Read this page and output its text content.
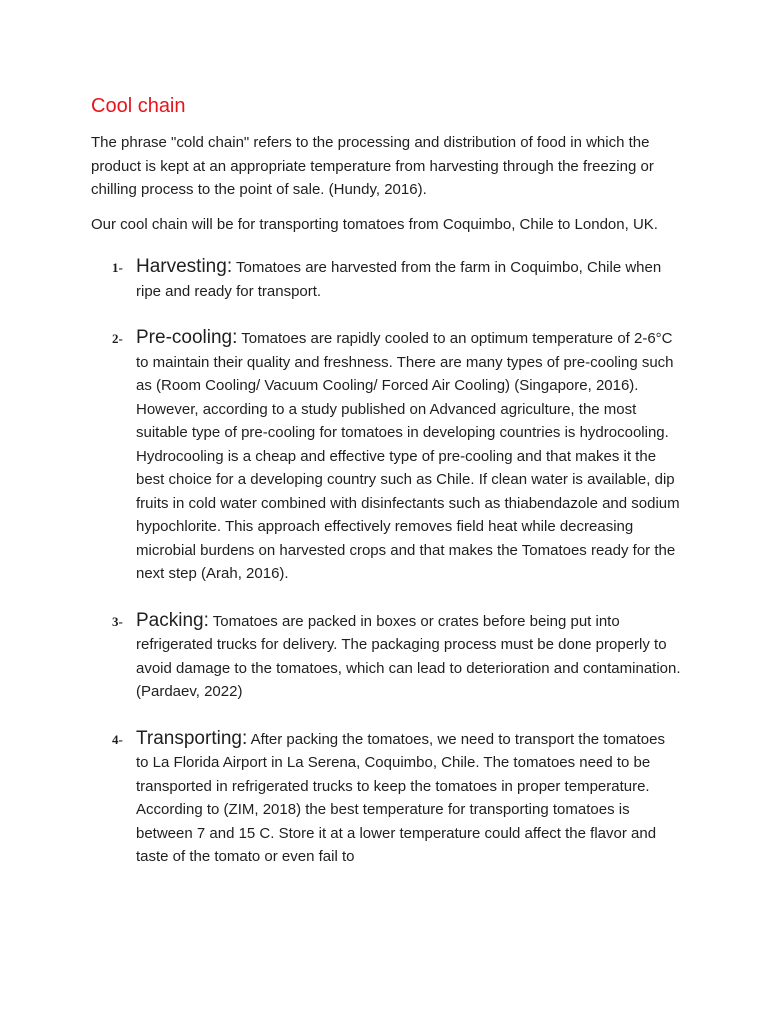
Cool chain

The phrase "cold chain" refers to the processing and distribution of food in which the product is kept at an appropriate temperature from harvesting through the freezing or chilling process to the point of sale. (Hundy, 2016).

Our cool chain will be for transporting tomatoes from Coquimbo, Chile to London, UK.

1- Harvesting: Tomatoes are harvested from the farm in Coquimbo, Chile when ripe and ready for transport.
2- Pre-cooling: Tomatoes are rapidly cooled to an optimum temperature of 2-6°C to maintain their quality and freshness. There are many types of pre-cooling such as (Room Cooling/ Vacuum Cooling/ Forced Air Cooling) (Singapore, 2016). However, according to a study published on Advanced agriculture, the most suitable type of pre-cooling for tomatoes in developing countries is hydrocooling. Hydrocooling is a cheap and effective type of pre-cooling and that makes it the best choice for a developing country such as Chile. If clean water is available, dip fruits in cold water combined with disinfectants such as thiabendazole and sodium hypochlorite. This approach effectively removes field heat while decreasing microbial burdens on harvested crops and that makes the Tomatoes ready for the next step (Arah, 2016).
3- Packing: Tomatoes are packed in boxes or crates before being put into refrigerated trucks for delivery. The packaging process must be done properly to avoid damage to the tomatoes, which can lead to deterioration and contamination. (Pardaev, 2022)
4- Transporting: After packing the tomatoes, we need to transport the tomatoes to La Florida Airport in La Serena, Coquimbo, Chile. The tomatoes need to be transported in refrigerated trucks to keep the tomatoes in proper temperature. According to (ZIM, 2018) the best temperature for transporting tomatoes is between 7 and 15 C. Store it at a lower temperature could affect the flavor and taste of the tomato or even fail to
